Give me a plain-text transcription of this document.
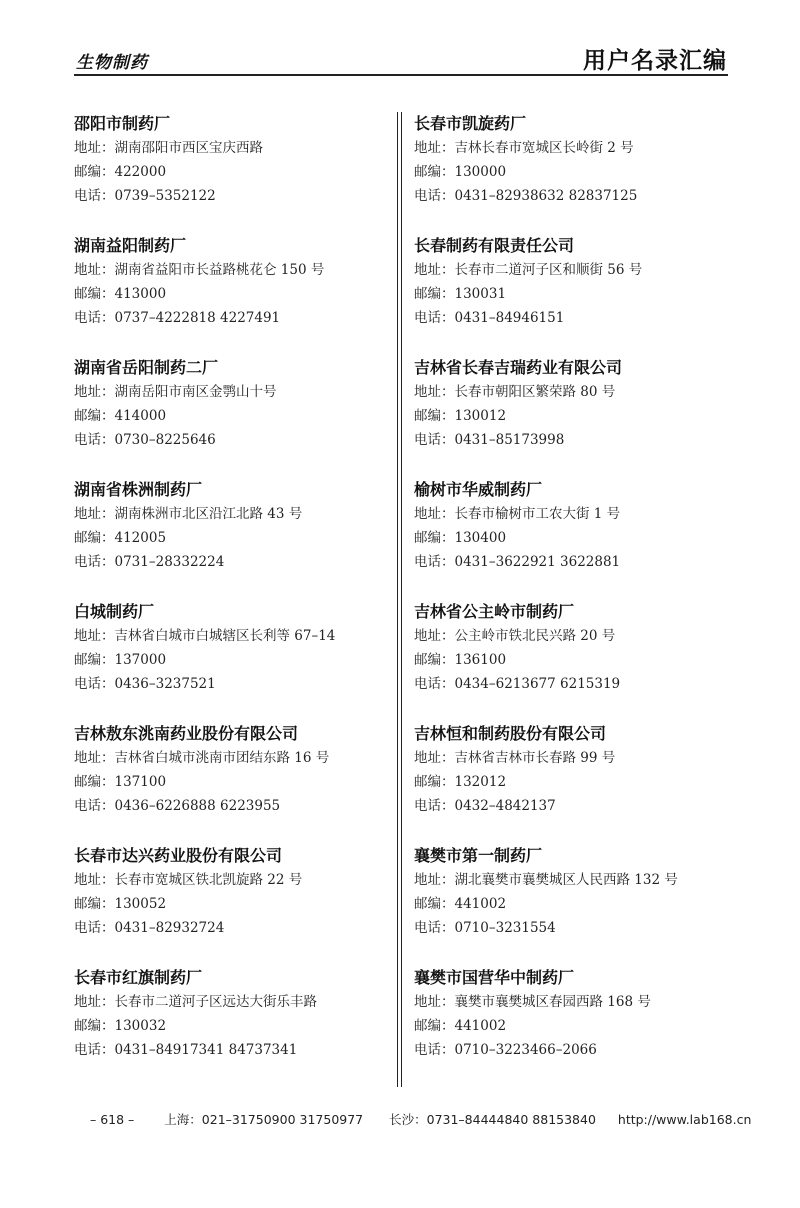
生物制药	用户名录汇编
邵阳市制药厂
地址：湖南邵阳市西区宝庆西路
邮编：422000
电话：0739–5352122
湖南益阳制药厂
地址：湖南省益阳市长益路桃花仑 150 号
邮编：413000
电话：0737–4222818 4227491
湖南省岳阳制药二厂
地址：湖南岳阳市南区金鹗山十号
邮编：414000
电话：0730–8225646
湖南省株洲制药厂
地址：湖南株洲市北区沿江北路 43 号
邮编：412005
电话：0731–28332224
白城制药厂
地址：吉林省白城市白城辖区长利等 67–14
邮编：137000
电话：0436–3237521
吉林敖东洮南药业股份有限公司
地址：吉林省白城市洮南市团结东路 16 号
邮编：137100
电话：0436–6226888 6223955
长春市达兴药业股份有限公司
地址：长春市宽城区铁北凯旋路 22 号
邮编：130052
电话：0431–82932724
长春市红旗制药厂
地址：长春市二道河子区远达大街乐丰路
邮编：130032
电话：0431–84917341 84737341
长春市凯旋药厂
地址：吉林长春市宽城区长岭街 2 号
邮编：130000
电话：0431–82938632 82837125
长春制药有限责任公司
地址：长春市二道河子区和顺街 56 号
邮编：130031
电话：0431–84946151
吉林省长春吉瑞药业有限公司
地址：长春市朝阳区繁荣路 80 号
邮编：130012
电话：0431–85173998
榆树市华威制药厂
地址：长春市榆树市工农大街 1 号
邮编：130400
电话：0431–3622921 3622881
吉林省公主岭市制药厂
地址：公主岭市铁北民兴路 20 号
邮编：136100
电话：0434–6213677 6215319
吉林恒和制药股份有限公司
地址：吉林省吉林市长春路 99 号
邮编：132012
电话：0432–4842137
襄樊市第一制药厂
地址：湖北襄樊市襄樊城区人民西路 132 号
邮编：441002
电话：0710–3231554
襄樊市国营华中制药厂
地址：襄樊市襄樊城区春园西路 168 号
邮编：441002
电话：0710–3223466–2066
– 618 – 上海：021–31750900 31750977 长沙：0731–84444840 88153840 http://www.lab168.cn
